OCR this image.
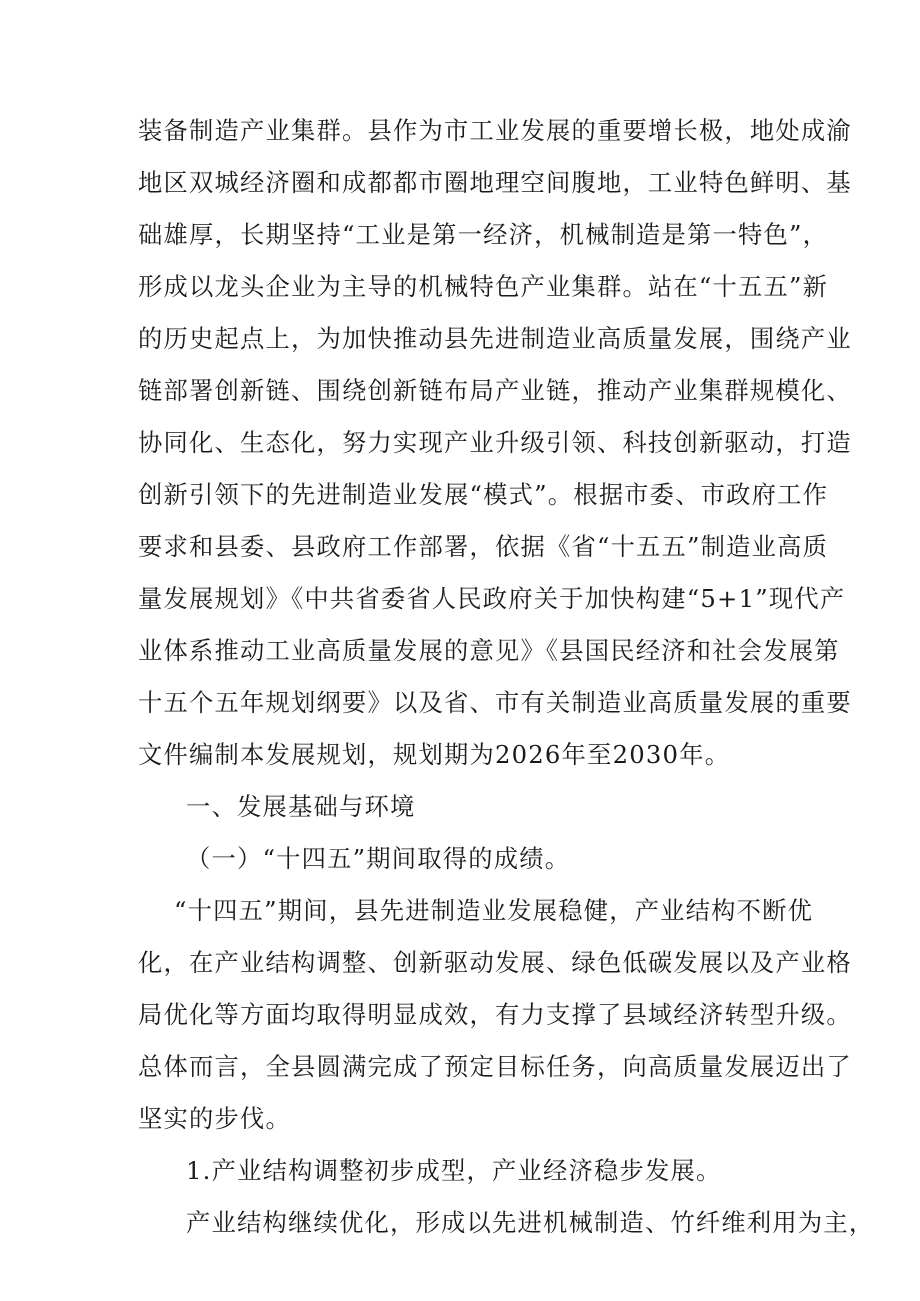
装备制造产业集群。县作为市工业发展的重要增长极，地处成渝
地区双城经济圈和成都都市圈地理空间腹地，工业特色鲜明、基
础雄厚，长期坚持“工业是第一经济，机械制造是第一特色”，
形成以龙头企业为主导的机械特色产业集群。站在“十五五”新
的历史起点上，为加快推动县先进制造业高质量发展，围绕产业
链部署创新链、围绕创新链布局产业链，推动产业集群规模化、
协同化、生态化，努力实现产业升级引领、科技创新驱动，打造
创新引领下的先进制造业发展“模式”。根据市委、市政府工作
要求和县委、县政府工作部署，依据《省“十五五”制造业高质
量发展规划》《中共省委省人民政府关于加快构建“5+1”现代产
业体系推动工业高质量发展的意见》《县国民经济和社会发展第
十五个五年规划纲要》以及省、市有关制造业高质量发展的重要
文件编制本发展规划，规划期为2026年至2030年。
一、发展基础与环境
（一）“十四五”期间取得的成绩。
“十四五”期间，县先进制造业发展稳健，产业结构不断优
化，在产业结构调整、创新驱动发展、绿色低碳发展以及产业格
局优化等方面均取得明显成效，有力支撑了县域经济转型升级。
总体而言，全县圆满完成了预定目标任务，向高质量发展迈出了
坚实的步伐。
1.产业结构调整初步成型，产业经济稳步发展。
产业结构继续优化，形成以先进机械制造、竹纤维利用为主，
